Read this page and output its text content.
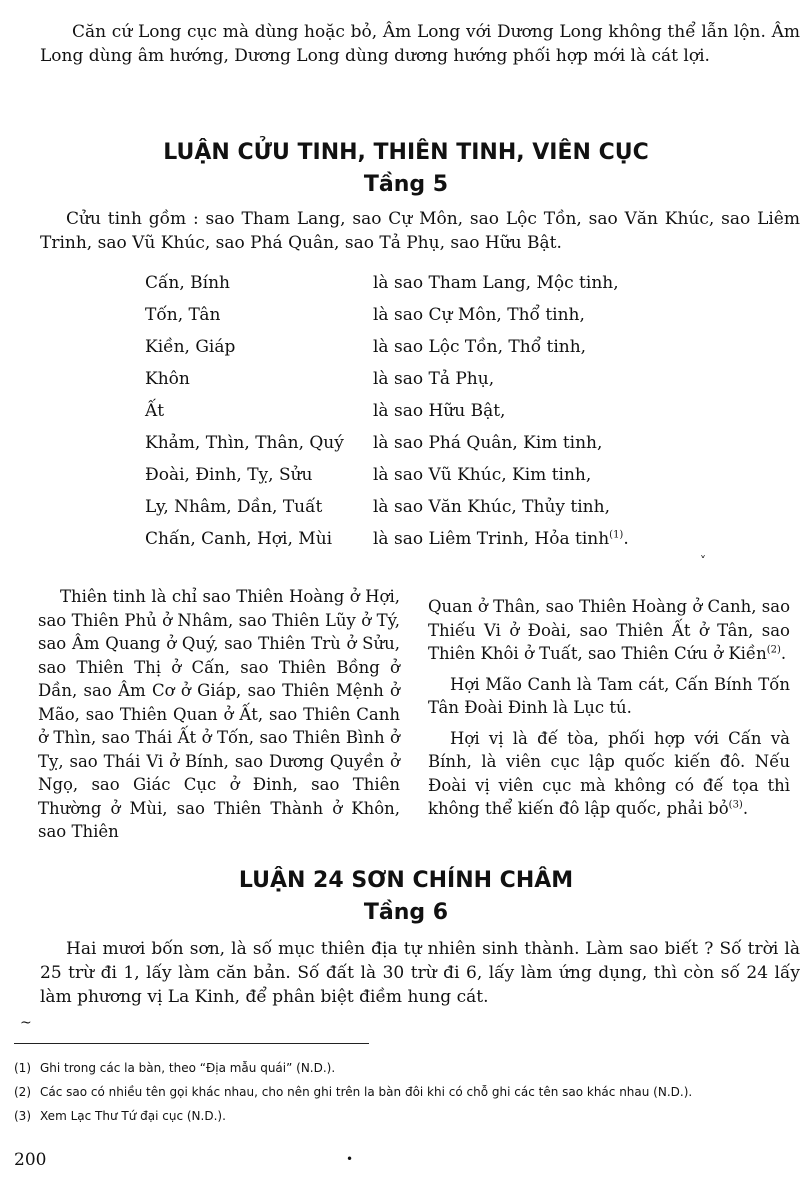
Căn cứ Long cục mà dùng hoặc bỏ, Âm Long với Dương Long không thể lẫn lộn. Âm Long dùng âm hướng, Dương Long dùng dương hướng phối hợp mới là cát lợi.

LUẬN CỬU TINH, THIÊN TINH, VIÊN CỤC
Tầng 5

Cửu tinh gồm : sao Tham Lang, sao Cự Môn, sao Lộc Tồn, sao Văn Khúc, sao Liêm Trinh, sao Vũ Khúc, sao Phá Quân, sao Tả Phụ, sao Hữu Bật.

Cấn, Bính	là sao Tham Lang, Mộc tinh,
Tốn, Tân	là sao Cự Môn, Thổ tinh,
Kiền, Giáp	là sao Lộc Tồn, Thổ tinh,
Khôn	là sao Tả Phụ,
Ất	là sao Hữu Bật,
Khảm, Thìn, Thân, Quý	là sao Phá Quân, Kim tinh,
Đoài, Đinh, Tỵ, Sửu	là sao Vũ Khúc, Kim tinh,
Ly, Nhâm, Dần, Tuất	là sao Văn Khúc, Thủy tinh,
Chấn, Canh, Hợi, Mùi	là sao Liêm Trinh, Hỏa tinh$^{(1)}$.
˅

Thiên tinh là chỉ sao Thiên Hoàng ở Hợi, sao Thiên Phủ ở Nhâm, sao Thiên Lũy ở Tý, sao Âm Quang ở Quý, sao Thiên Trù ở Sửu, sao Thiên Thị ở Cấn, sao Thiên Bồng ở Dần, sao Âm Cơ ở Giáp, sao Thiên Mệnh ở Mão, sao Thiên Quan ở Ất, sao Thiên Canh ở Thìn, sao Thái Ất ở Tốn, sao Thiên Bình ở Tỵ, sao Thái Vi ở Bính, sao Dương Quyền ở Ngọ, sao Giác Cục ở Đinh, sao Thiên Thường ở Mùi, sao Thiên Thành ở Khôn, sao Thiên

Quan ở Thân, sao Thiên Hoàng ở Canh, sao Thiếu Vi ở Đoài, sao Thiên Ất ở Tân, sao Thiên Khôi ở Tuất, sao Thiên Cứu ở Kiền$^{(2)}$.

Hợi Mão Canh là Tam cát, Cấn Bính Tốn Tân Đoài Đinh là Lục tú.

Hợi vị là đế tòa, phối hợp với Cấn và Bính, là viên cục lập quốc kiến đô. Nếu Đoài vị viên cục mà không có đế tọa thì không thể kiến đô lập quốc, phải bỏ$^{(3)}$.

LUẬN 24 SƠN CHÍNH CHÂM
Tầng 6

Hai mươi bốn sơn, là số mục thiên địa tự nhiên sinh thành. Làm sao biết ? Số trời là 25 trừ đi 1, lấy làm căn bản. Số đất là 30 trừ đi 6, lấy làm ứng dụng, thì còn số 24 lấy làm phương vị La Kinh, để phân biệt điềm hung cát.

~
(1) Ghi trong các la bàn, theo “Địa mẫu quái” (N.D.).
(2) Các sao có nhiều tên gọi khác nhau, cho nên ghi trên la bàn đôi khi có chỗ ghi các tên sao khác nhau (N.D.).
(3) Xem Lạc Thư Tứ đại cục (N.D.).
200	•
